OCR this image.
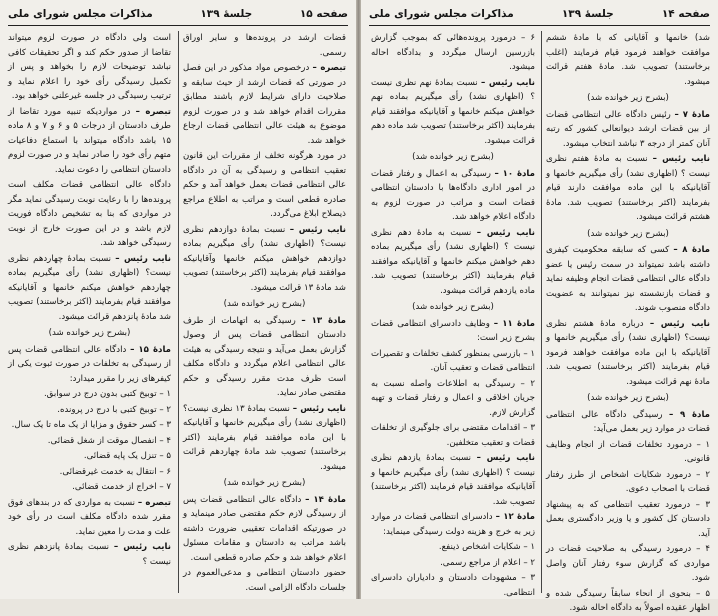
صفحه ۱۵
جلسهٔ ۱۳۹
مذاکرات مجلس شورای ملی

قضات ارشد در پرونده‌ها و سایر اوراق رسمی.

تبصره – درخصوص مواد مذکور در این فصل در صورتی که قضات ارشد از حیث سابقه و صلاحیت دارای شرایط لازم باشند مطابق مقررات اقدام خواهد شد و در صورت لزوم موضوع به هیئت عالی انتظامی قضات ارجاع خواهد شد.

در مورد هرگونه تخلف از مقررات این قانون تعقیب انتظامی و رسیدگی به آن در دادگاه عالی انتظامی قضات بعمل خواهد آمد و حکم صادره قطعی است و مراتب به اطلاع مراجع ذیصلاح ابلاغ می‌گردد.

نایب رئیس – نسبت بمادهٔ دوازدهم نظری نیست؟ (اظهاری نشد) رأی میگیریم بماده دوازدهم خواهش میکنم خانمها وآقایانیکه موافقند قیام بفرمایند (اکثر برخاستند) تصویب شد مادهٔ ۱۳ قرائت میشود.

(بشرح زیر خوانده شد)

مادهٔ ۱۳ – رسیدگی به اتهامات از طرف دادستان انتظامی قضات پس از وصول گزارش بعمل می‌آید و نتیجه رسیدگی به هیئت عالی انتظامی اعلام میگردد و دادگاه مکلف است ظرف مدت مقرر رسیدگی و حکم مقتضی صادر نماید.

نایب رئیس – نسبت بمادهٔ ۱۳ نظری نیست؟ (اظهاری نشد) رأی میگیریم خانمها و آقایانیکه با این ماده موافقند قیام بفرمایند (اکثر برخاستند) تصویب شد مادهٔ چهاردهم قرائت میشود.

(بشرح زیر خوانده شد)

مادهٔ ۱۴ – دادگاه عالی انتظامی قضات پس از رسیدگی لازم حکم مقتضی صادر مینماید و در صورتیکه اقدامات تعقیبی ضرورت داشته باشد مراتب به دادستان و مقامات مسئول اعلام خواهد شد و حکم صادره قطعی است.

حضور دادستان انتظامی و مدعی‌العموم در جلسات دادگاه الزامی است.

است ولی دادگاه در صورت لزوم میتواند تقاضا از صدور حکم کند و اگر تحقیقات کافی نباشد توضیحات لازم را بخواهد و پس از تکمیل رسیدگی رأی خود را اعلام نماید و ترتیب رسیدگی در جلسه غیرعلنی خواهد بود.

تبصره – در مواردیکه تنبیه مورد تقاضا از طرف دادستان از درجات ۵ و ۶ و ۷ و ۸ ماده ۱۵ باشد دادگاه میتواند با استماع دفاعیات متهم رأی خود را صادر نماید و در صورت لزوم دادستان انتظامی را دعوت نماید.

دادگاه عالی انتظامی قضات مکلف است پرونده‌ها را با رعایت نوبت رسیدگی نماید مگر در مواردی که بنا به تشخیص دادگاه فوریت لازم باشد و در این صورت خارج از نوبت رسیدگی خواهد شد.

نایب رئیس – نسبت بمادهٔ چهاردهم نظری نیست؟ (اظهاری نشد) رأی میگیریم بماده چهاردهم خواهش میکنم خانمها و آقایانیکه موافقند قیام بفرمایند (اکثر برخاستند) تصویب شد مادهٔ پانزدهم قرائت میشود.

(بشرح زیر خوانده شد)

مادهٔ ۱۵ – دادگاه عالی انتظامی قضات پس از رسیدگی به تخلفات در صورت ثبوت یکی از کیفرهای زیر را مقرر میدارد:

۱ – توبیخ کتبی بدون درج در سوابق.

۲ – توبیخ کتبی با درج در پرونده.

۳ – کسر حقوق و مزایا از یک ماه تا یک سال.

۴ – انفصال موقت از شغل قضائی.

۵ – تنزل یک پایه قضائی.

۶ – انتقال به خدمت غیرقضائی.

۷ – اخراج از خدمت قضائی.

تبصره – نسبت به مواردی که در بندهای فوق مقرر شده دادگاه مکلف است در رأی خود علت و مدت را معین نماید.

نایب رئیس – نسبت بمادهٔ پانزدهم نظری نیست ؟

صفحه ۱۴
جلسهٔ ۱۳۹
مذاکرات مجلس شورای ملی

شد) خانمها و آقایانی که با مادهٔ ششم موافقت خواهند فرمود قیام فرمایند (اغلب برخاستند) تصویب شد. مادهٔ هفتم قرائت میشود.

(بشرح زیر خوانده شد)

مادهٔ ۷ – رئیس دادگاه عالی انتظامی قضات از بین قضات ارشد دیوانعالی کشور که رتبه آنان کمتر از درجه ۳ نباشد انتخاب میشود.

نایب رئیس – نسبت به مادهٔ هفتم نظری نیست ؟ (اظهاری نشد) رأی میگیریم خانمها و آقایانیکه با این ماده موافقت دارند قیام بفرمایند (اکثر برخاستند) تصویب شد. مادهٔ هشتم قرائت میشود.

(بشرح زیر خوانده شد)

مادهٔ ۸ – کسی که سابقه محکومیت کیفری داشته باشد نمیتواند در سمت رئیس یا عضو دادگاه عالی انتظامی قضات انجام وظیفه نماید و قضات بازنشسته نیز نمیتوانند به عضویت دادگاه منصوب شوند.

نایب رئیس – درباره مادهٔ هشتم نظری نیست؟ (اظهاری نشد) رأی میگیریم خانمها و آقایانیکه با این ماده موافقت خواهند فرمود قیام بفرمایند (اکثر برخاستند) تصویب شد. مادهٔ نهم قرائت میشود.

(بشرح زیر خوانده شد)

مادهٔ ۹ – رسیدگی دادگاه عالی انتظامی قضات در موارد زیر بعمل می‌آید:

۱ – درمورد تخلفات قضات از انجام وظایف قانونی.

۲ – درمورد شکایات اشخاص از طرز رفتار قضات با اصحاب دعوی.

۳ – درمورد تعقیب انتظامی که به پیشنهاد دادستان کل کشور و یا وزیر دادگستری بعمل آید.

۴ – درمورد رسیدگی به صلاحیت قضات در مواردی که گزارش سوء رفتار آنان واصل شود.

۵ – بنحوی از انحاء سابقاً رسیدگی شده و اظهار عقیده اصولاً به دادگاه احاله شود.

۶ – درمورد پرونده‌هائی که بموجب گزارش بازرسین ارسال میگردد و بدادگاه احاله میشود.

نایب رئیس – نسبت بمادهٔ نهم نظری نیست ؟ (اظهاری نشد) رأی میگیریم بماده نهم خواهش میکنم خانمها و آقایانیکه موافقند قیام بفرمایند (اکثر برخاستند) تصویب شد ماده دهم قرائت میشود.

(بشرح زیر خوانده شد)

مادهٔ ۱۰ – رسیدگی به اعمال و رفتار قضات در امور اداری دادگاه‌ها با دادستان انتظامی قضات است و مراتب در صورت لزوم به دادگاه اعلام خواهد شد.

نایب رئیس – نسبت به مادهٔ دهم نظری نیست ؟ (اظهاری نشد) رأی میگیریم بماده دهم خواهش میکنم خانمها و آقایانیکه موافقند قیام بفرمایند (اکثر برخاستند) تصویب شد. ماده یازدهم قرائت میشود.

(بشرح زیر خوانده شد)

مادهٔ ۱۱ – وظایف دادسرای انتظامی قضات بشرح زیر است:

۱ – بازرسی بمنظور کشف تخلفات و تقصیرات انتظامی قضات و تعقیب آنان.

۲ – رسیدگی به اطلاعات واصله نسبت به جریان اخلاقی و اعمال و رفتار قضات و تهیه گزارش لازم.

۳ – اقدامات مقتضی برای جلوگیری از تخلفات قضات و تعقیب متخلفین.

نایب رئیس – نسبت بمادهٔ یازدهم نظری نیست ؟ (اظهاری نشد) رأی میگیریم خانمها و آقایانیکه موافقند قیام فرمایند (اکثر برخاستند) تصویب شد.

مادهٔ ۱۲ – دادسرای انتظامی قضات در موارد زیر به خرج و هزینه دولت رسیدگی مینماید:

۱ – شکایات اشخاص ذینفع.

۲ – اعلام از مراجع رسمی.

۳ – مشهودات دادستان و دادیاران دادسرای انتظامی.
